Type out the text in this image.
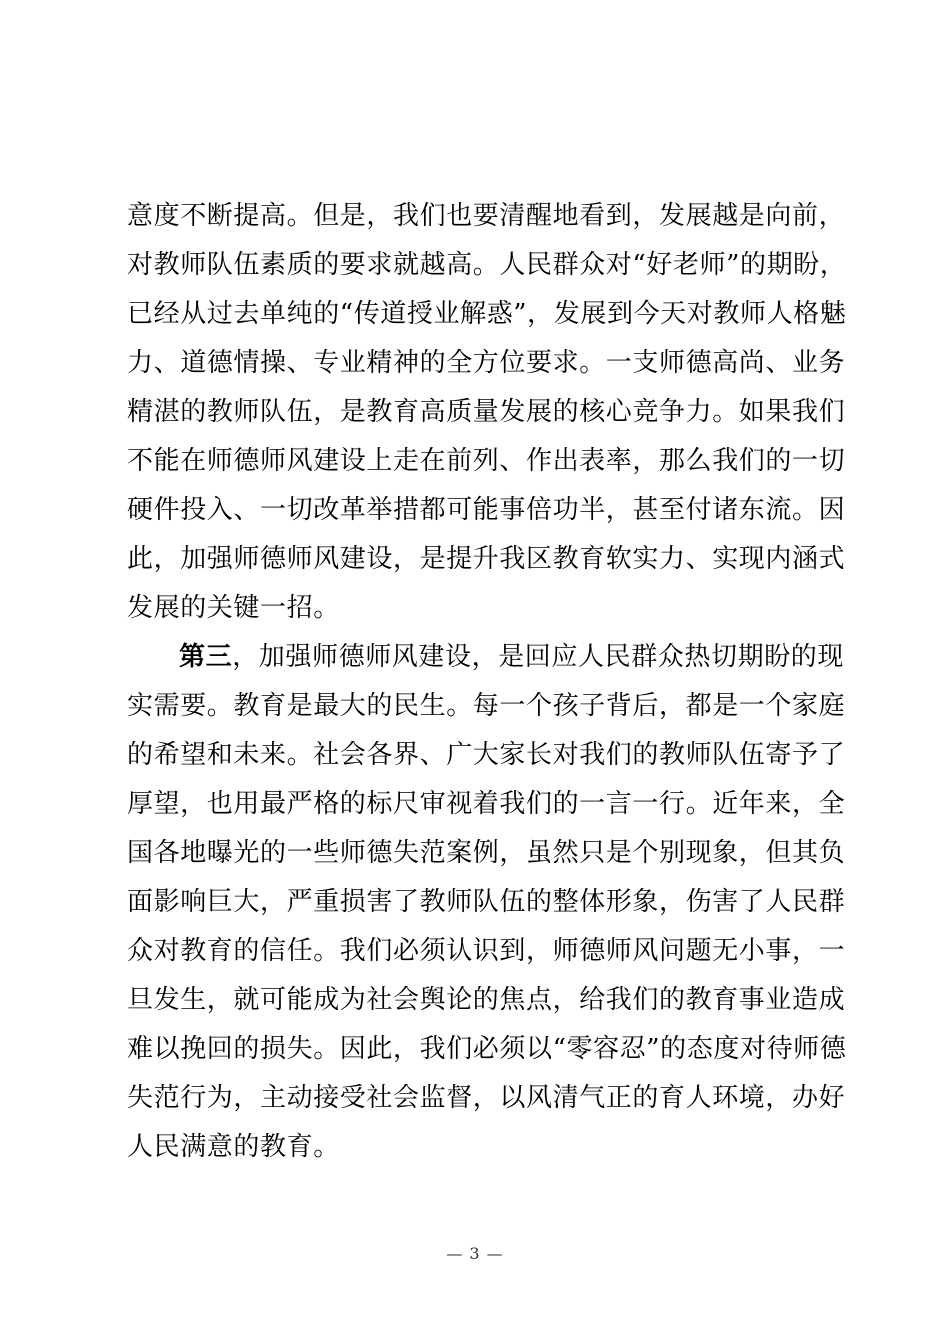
意度不断提高。但是，我们也要清醒地看到，发展越是向前，
对教师队伍素质的要求就越高。人民群众对“好老师”的期盼，
已经从过去单纯的“传道授业解惑”，发展到今天对教师人格魅
力、道德情操、专业精神的全方位要求。一支师德高尚、业务
精湛的教师队伍，是教育高质量发展的核心竞争力。如果我们
不能在师德师风建设上走在前列、作出表率，那么我们的一切
硬件投入、一切改革举措都可能事倍功半，甚至付诸东流。因
此，加强师德师风建设，是提升我区教育软实力、实现内涵式
发展的关键一招。
第三，加强师德师风建设，是回应人民群众热切期盼的现
实需要。教育是最大的民生。每一个孩子背后，都是一个家庭
的希望和未来。社会各界、广大家长对我们的教师队伍寄予了
厚望，也用最严格的标尺审视着我们的一言一行。近年来，全
国各地曝光的一些师德失范案例，虽然只是个别现象，但其负
面影响巨大，严重损害了教师队伍的整体形象，伤害了人民群
众对教育的信任。我们必须认识到，师德师风问题无小事，一
旦发生，就可能成为社会舆论的焦点，给我们的教育事业造成
难以挽回的损失。因此，我们必须以“零容忍”的态度对待师德
失范行为，主动接受社会监督，以风清气正的育人环境，办好
人民满意的教育。
— 3 —
